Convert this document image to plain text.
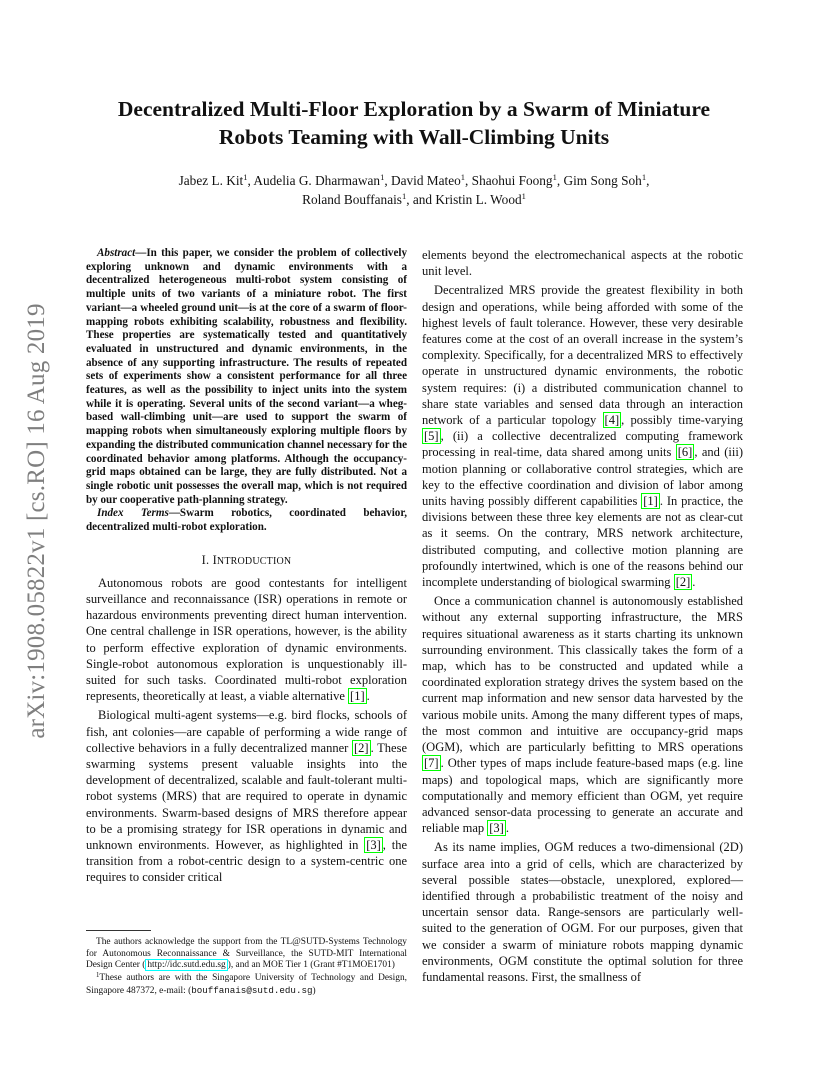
arXiv:1908.05822v1 [cs.RO] 16 Aug 2019
Decentralized Multi-Floor Exploration by a Swarm of Miniature
Robots Teaming with Wall-Climbing Units
Jabez L. Kit$^1$, Audelia G. Dharmawan$^1$, David Mateo$^1$, Shaohui Foong$^1$, Gim Song Soh$^1$,
Roland Bouffanais$^1$, and Kristin L. Wood$^1$

Abstract—In this paper, we consider the problem of collectively exploring unknown and dynamic environments with a decentralized heterogeneous multi-robot system consisting of multiple units of two variants of a miniature robot. The first variant—a wheeled ground unit—is at the core of a swarm of floor-mapping robots exhibiting scalability, robustness and flexibility. These properties are systematically tested and quantitatively evaluated in unstructured and dynamic environments, in the absence of any supporting infrastructure. The results of repeated sets of experiments show a consistent performance for all three features, as well as the possibility to inject units into the system while it is operating. Several units of the second variant—a wheg-based wall-climbing unit—are used to support the swarm of mapping robots when simultaneously exploring multiple floors by expanding the distributed communication channel necessary for the coordinated behavior among platforms. Although the occupancy-grid maps obtained can be large, they are fully distributed. Not a single robotic unit possesses the overall map, which is not required by our cooperative path-planning strategy.

Index Terms—Swarm robotics, coordinated behavior, decentralized multi-robot exploration.

I. INTRODUCTION

Autonomous robots are good contestants for intelligent surveillance and reconnaissance (ISR) operations in remote or hazardous environments preventing direct human intervention. One central challenge in ISR operations, however, is the ability to perform effective exploration of dynamic environments. Single-robot autonomous exploration is unquestionably ill-suited for such tasks. Coordinated multi-robot exploration represents, theoretically at least, a viable alternative [1] .

Biological multi-agent systems—e.g. bird flocks, schools of fish, ant colonies—are capable of performing a wide range of collective behaviors in a fully decentralized manner [2] . These swarming systems present valuable insights into the development of decentralized, scalable and fault-tolerant multi-robot systems (MRS) that are required to operate in dynamic environments. Swarm-based designs of MRS therefore appear to be a promising strategy for ISR operations in dynamic and unknown environments. However, as highlighted in [3] , the transition from a robot-centric design to a system-centric one requires to consider critical

The authors acknowledge the support from the TL@SUTD-Systems Technology for Autonomous Reconnaissance & Surveillance, the SUTD-MIT International Design Center ( http://idc.sutd.edu.sg ), and an MOE Tier 1 (Grant #T1MOE1701)

$^1$These authors are with the Singapore University of Technology and Design, Singapore 487372, e-mail: (bouffanais@sutd.edu.sg)

elements beyond the electromechanical aspects at the robotic unit level.

Decentralized MRS provide the greatest flexibility in both design and operations, while being afforded with some of the highest levels of fault tolerance. However, these very desirable features come at the cost of an overall increase in the system’s complexity. Specifically, for a decentralized MRS to effectively operate in unstructured dynamic environments, the robotic system requires: (i) a distributed communication channel to share state variables and sensed data through an interaction network of a particular topology [4] , possibly time-varying [5] , (ii) a collective decentralized computing framework processing in real-time, data shared among units [6] , and (iii) motion planning or collaborative control strategies, which are key to the effective coordination and division of labor among units having possibly different capabilities [1] . In practice, the divisions between these three key elements are not as clear-cut as it seems. On the contrary, MRS network architecture, distributed computing, and collective motion planning are profoundly intertwined, which is one of the reasons behind our incomplete understanding of biological swarming [2] .

Once a communication channel is autonomously established without any external supporting infrastructure, the MRS requires situational awareness as it starts charting its unknown surrounding environment. This classically takes the form of a map, which has to be constructed and updated while a coordinated exploration strategy drives the system based on the current map information and new sensor data harvested by the various mobile units. Among the many different types of maps, the most common and intuitive are occupancy-grid maps (OGM), which are particularly befitting to MRS operations [7] . Other types of maps include feature-based maps (e.g. line maps) and topological maps, which are significantly more computationally and memory efficient than OGM, yet require advanced sensor-data processing to generate an accurate and reliable map [3] .

As its name implies, OGM reduces a two-dimensional (2D) surface area into a grid of cells, which are characterized by several possible states—obstacle, unexplored, explored—identified through a probabilistic treatment of the noisy and uncertain sensor data. Range-sensors are particularly well-suited to the generation of OGM. For our purposes, given that we consider a swarm of miniature robots mapping dynamic environments, OGM constitute the optimal solution for three fundamental reasons. First, the smallness of
